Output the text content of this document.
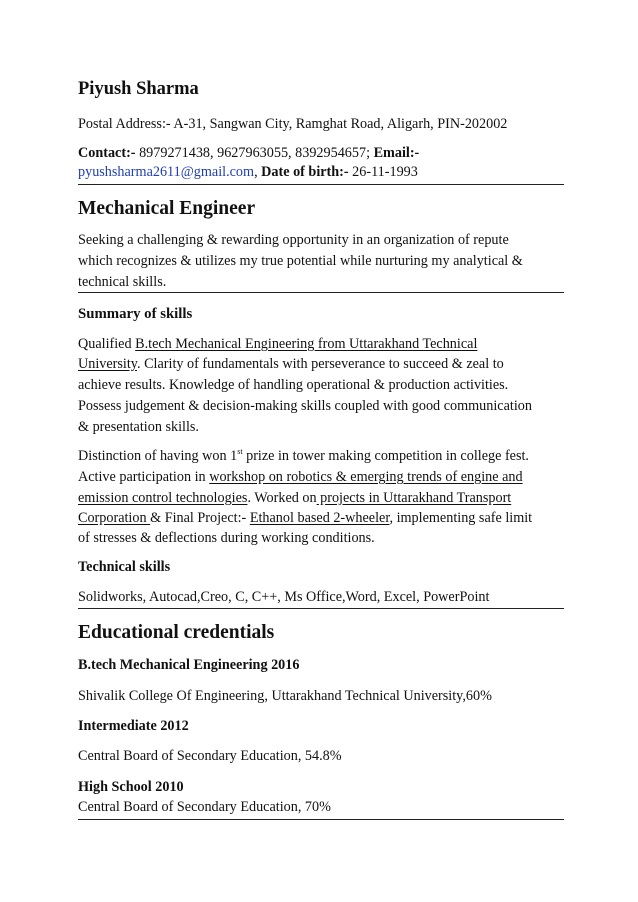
Piyush Sharma
Postal Address:- A-31, Sangwan City, Ramghat Road, Aligarh, PIN-202002
Contact:- 8979271438, 9627963055, 8392954657; Email:-
pyushsharma2611@gmail.com, Date of birth:- 26-11-1993
Mechanical Engineer
Seeking a challenging & rewarding opportunity in an organization of repute
which recognizes & utilizes my true potential while nurturing my analytical &
technical skills.
Summary of skills
Qualified B.tech Mechanical Engineering from Uttarakhand Technical
University. Clarity of fundamentals with perseverance to succeed & zeal to
achieve results. Knowledge of handling operational & production activities.
Possess judgement & decision-making skills coupled with good communication
& presentation skills.
Distinction of having won 1st prize in tower making competition in college fest.
Active participation in workshop on robotics & emerging trends of engine and
emission control technologies. Worked on projects in Uttarakhand Transport
Corporation & Final Project:- Ethanol based 2-wheeler, implementing safe limit
of stresses & deflections during working conditions.
Technical skills
Solidworks, Autocad,Creo, C, C++, Ms Office,Word, Excel, PowerPoint
Educational credentials
B.tech Mechanical Engineering 2016
Shivalik College Of Engineering, Uttarakhand Technical University,60%
Intermediate 2012
Central Board of Secondary Education, 54.8%
High School 2010
Central Board of Secondary Education, 70%
